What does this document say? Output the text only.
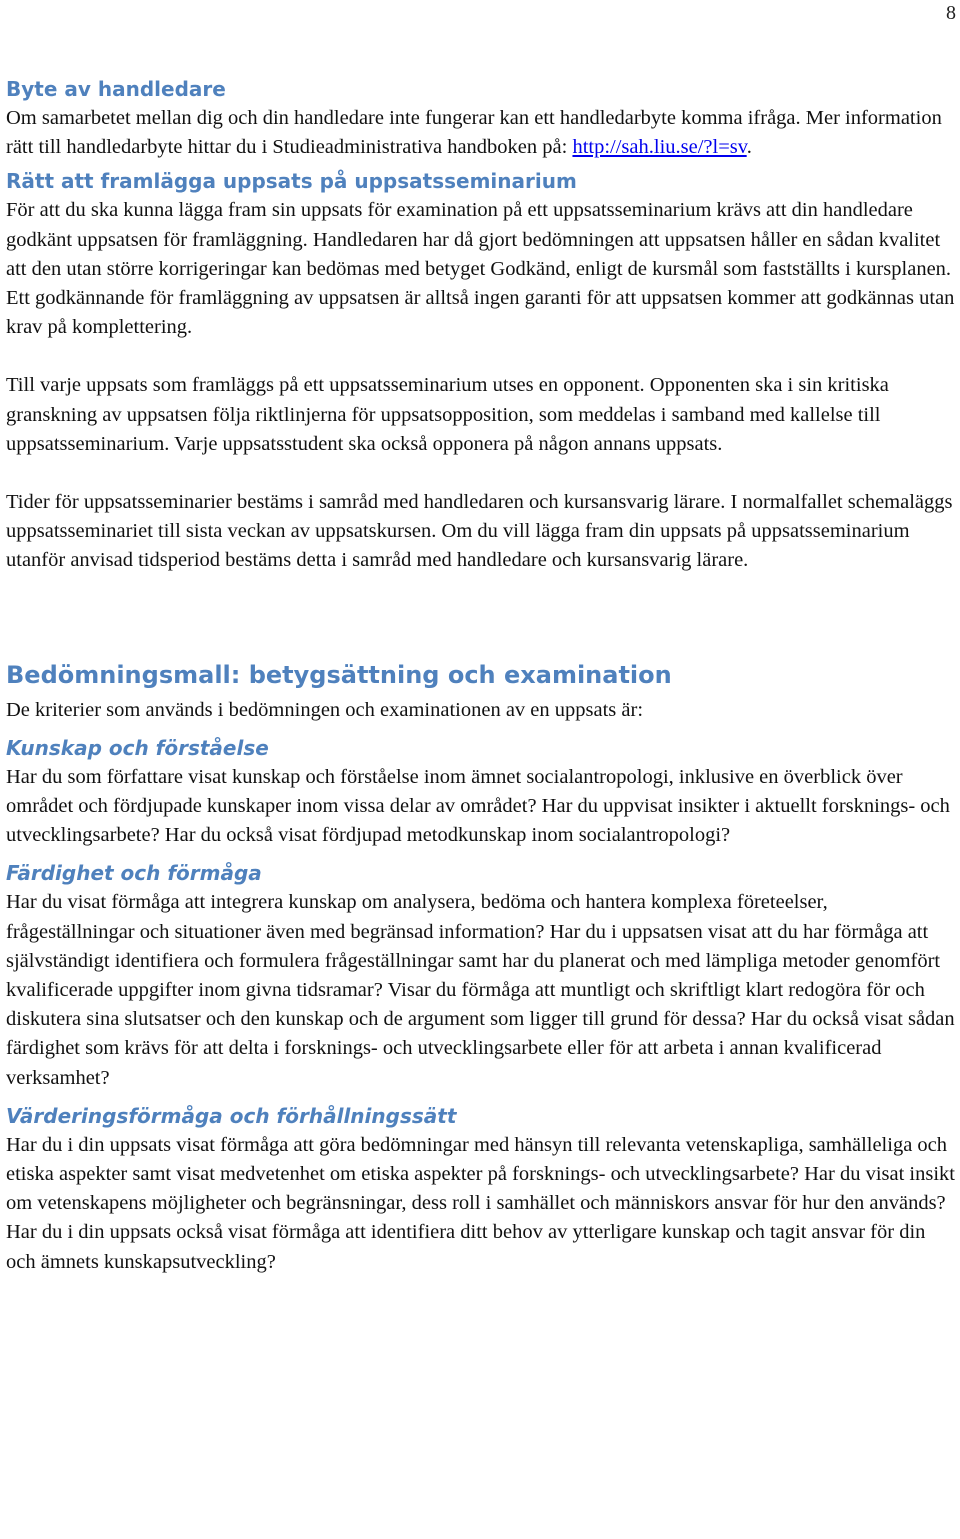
8
Byte av handledare

Om samarbetet mellan dig och din handledare inte fungerar kan ett handledarbyte komma ifråga. Mer information rätt till handledarbyte hittar du i Studieadministrativa handboken på: http://sah.liu.se/?l=sv.

Rätt att framlägga uppsats på uppsatsseminarium

För att du ska kunna lägga fram sin uppsats för examination på ett uppsatsseminarium krävs att din handledare godkänt uppsatsen för framläggning. Handledaren har då gjort bedömningen att uppsatsen håller en sådan kvalitet att den utan större korrigeringar kan bedömas med betyget Godkänd, enligt de kursmål som fastställts i kursplanen. Ett godkännande för framläggning av uppsatsen är alltså ingen garanti för att uppsatsen kommer att godkännas utan krav på komplettering.

Till varje uppsats som framläggs på ett uppsatsseminarium utses en opponent. Opponenten ska i sin kritiska granskning av uppsatsen följa riktlinjerna för uppsatsopposition, som meddelas i samband med kallelse till uppsatsseminarium. Varje uppsatsstudent ska också opponera på någon annans uppsats.

Tider för uppsatsseminarier bestäms i samråd med handledaren och kursansvarig lärare. I normalfallet schemaläggs uppsatsseminariet till sista veckan av uppsatskursen. Om du vill lägga fram din uppsats på uppsatsseminarium utanför anvisad tidsperiod bestäms detta i samråd med handledare och kursansvarig lärare.

Bedömningsmall: betygsättning och examination

De kriterier som används i bedömningen och examinationen av en uppsats är:

Kunskap och förståelse

Har du som författare visat kunskap och förståelse inom ämnet socialantropologi, inklusive en överblick över området och fördjupade kunskaper inom vissa delar av området? Har du uppvisat insikter i aktuellt forsknings- och utvecklingsarbete? Har du också visat fördjupad metodkunskap inom socialantropologi?

Färdighet och förmåga

Har du visat förmåga att integrera kunskap om analysera, bedöma och hantera komplexa företeelser, frågeställningar och situationer även med begränsad information? Har du i uppsatsen visat att du har förmåga att självständigt identifiera och formulera frågeställningar samt har du planerat och med lämpliga metoder genomfört kvalificerade uppgifter inom givna tidsramar? Visar du förmåga att muntligt och skriftligt klart redogöra för och diskutera sina slutsatser och den kunskap och de argument som ligger till grund för dessa? Har du också visat sådan färdighet som krävs för att delta i forsknings- och utvecklingsarbete eller för att arbeta i annan kvalificerad verksamhet?

Värderingsförmåga och förhållningssätt

Har du i din uppsats visat förmåga att göra bedömningar med hänsyn till relevanta vetenskapliga, samhälleliga och etiska aspekter samt visat medvetenhet om etiska aspekter på forsknings- och utvecklingsarbete? Har du visat insikt om vetenskapens möjligheter och begränsningar, dess roll i samhället och människors ansvar för hur den används? Har du i din uppsats också visat förmåga att identifiera ditt behov av ytterligare kunskap och tagit ansvar för din och ämnets kunskapsutveckling?
